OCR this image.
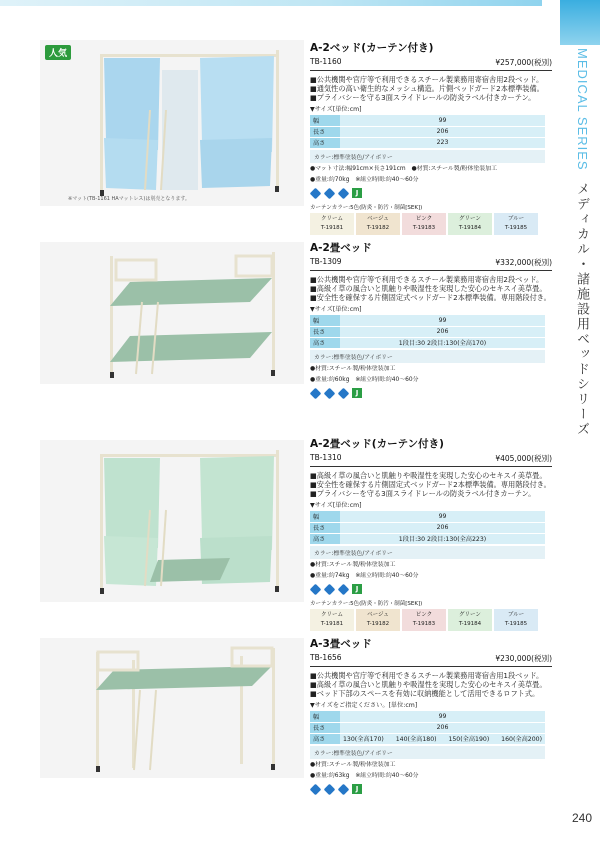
MEDICAL SERIES
メディカル・諸施設用ベッドシリーズ
240
人気
※マット(TB-1161 HAマットレス)は別売となります。
A-2ベッド(カーテン付き)
TB-1160	¥257,000(税別)
■公共機関や官庁等で利用できるスチール製業務用寄宿舎用2段ベッド。
■通気性の高い衛生的なメッシュ構造。片側ベッドガード2本標準装備。
■プライバシーを守る3面スライドレールの防炎ラベル付きカーテン。
▼サイズ[単位:cm]
幅	99
長さ	206
高さ	223
カラー:標準塗装色/アイボリー
●マット寸法:幅91cm×長さ191cm　●材質:スチール製/粉体塗装加工
●重量:約70kg　※組立時間:約40〜60分
J
カーテンカラー:5色(防炎・防汚・制菌[SEK])
クリーム
T-19181
ベージュ
T-19182
ピンク
T-19183
グリーン
T-19184
ブルー
T-19185
A-2畳ベッド
TB-1309	¥332,000(税別)
■公共機関や官庁等で利用できるスチール製業務用寄宿舎用2段ベッド。
■高級イ草の風合いと肌触りや吸湿性を実現した安心のセキスイ美草畳。
■安全性を確保する片側固定式ベッドガード2本標準装備。専用階段付き。
▼サイズ[単位:cm]
幅	99
長さ	206
高さ	1段目:30 2段目:130(全高170)
カラー:標準塗装色/アイボリー
●材質:スチール製/粉体塗装加工
●重量:約60kg　※組立時間:約40〜60分
J
A-2畳ベッド(カーテン付き)
TB-1310	¥405,000(税別)
■高級イ草の風合いと肌触りや吸湿性を実現した安心のセキスイ美草畳。
■安全性を確保する片側固定式ベッドガード2本標準装備。専用階段付き。
■プライバシーを守る3面スライドレールの防炎ラベル付きカーテン。
▼サイズ[単位:cm]
幅	99
長さ	206
高さ	1段目:30 2段目:130(全高223)
カラー:標準塗装色/アイボリー
●材質:スチール製/粉体塗装加工
●重量:約74kg　※組立時間:約40〜60分
J
カーテンカラー:5色(防炎・防汚・制菌[SEK])
クリーム
T-19181
ベージュ
T-19182
ピンク
T-19183
グリーン
T-19184
ブルー
T-19185
A-3畳ベッド
TB-1656	¥230,000(税別)
■公共機関や官庁等で利用できるスチール製業務用寄宿舎用1段ベッド。
■高級イ草の風合いと肌触りや吸湿性を実現した安心のセキスイ美草畳。
■ベッド下部のスペースを有効に収納機能として活用できるロフト式。
▼サイズをご指定ください。[単位:cm]
幅	99
長さ	206
高さ		130(全高170) 140(全高180) 150(全高190) 160(全高200)
カラー:標準塗装色/アイボリー
●材質:スチール製/粉体塗装加工
●重量:約63kg　※組立時間:約40〜60分
J
